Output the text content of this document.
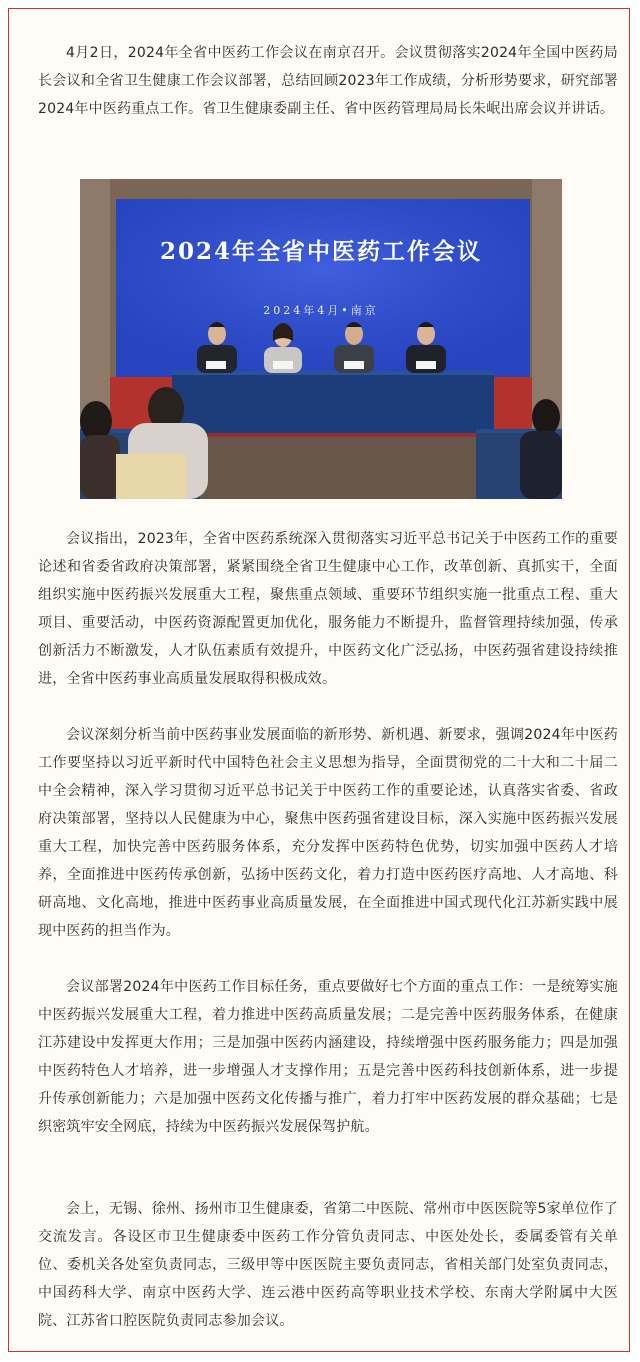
4月2日，2024年全省中医药工作会议在南京召开。会议贯彻落实2024年全国中医药局长会议和全省卫生健康工作会议部署，总结回顾2023年工作成绩，分析形势要求，研究部署2024年中医药重点工作。省卫生健康委副主任、省中医药管理局局长朱岷出席会议并讲话。

2024年全省中医药工作会议
2024年4月•南京

会议指出，2023年，全省中医药系统深入贯彻落实习近平总书记关于中医药工作的重要论述和省委省政府决策部署，紧紧围绕全省卫生健康中心工作，改革创新、真抓实干，全面组织实施中医药振兴发展重大工程，聚焦重点领域、重要环节组织实施一批重点工程、重大项目、重要活动，中医药资源配置更加优化，服务能力不断提升，监督管理持续加强，传承创新活力不断激发，人才队伍素质有效提升，中医药文化广泛弘扬，中医药强省建设持续推进，全省中医药事业高质量发展取得积极成效。

会议深刻分析当前中医药事业发展面临的新形势、新机遇、新要求，强调2024年中医药工作要坚持以习近平新时代中国特色社会主义思想为指导，全面贯彻党的二十大和二十届二中全会精神，深入学习贯彻习近平总书记关于中医药工作的重要论述，认真落实省委、省政府决策部署，坚持以人民健康为中心，聚焦中医药强省建设目标，深入实施中医药振兴发展重大工程，加快完善中医药服务体系，充分发挥中医药特色优势，切实加强中医药人才培养，全面推进中医药传承创新，弘扬中医药文化，着力打造中医药医疗高地、人才高地、科研高地、文化高地，推进中医药事业高质量发展，在全面推进中国式现代化江苏新实践中展现中医药的担当作为。

会议部署2024年中医药工作目标任务，重点要做好七个方面的重点工作：一是统筹实施中医药振兴发展重大工程，着力推进中医药高质量发展；二是完善中医药服务体系，在健康江苏建设中发挥更大作用；三是加强中医药内涵建设，持续增强中医药服务能力；四是加强中医药特色人才培养，进一步增强人才支撑作用；五是完善中医药科技创新体系，进一步提升传承创新能力；六是加强中医药文化传播与推广，着力打牢中医药发展的群众基础；七是织密筑牢安全网底，持续为中医药振兴发展保驾护航。

会上，无锡、徐州、扬州市卫生健康委，省第二中医院、常州市中医医院等5家单位作了交流发言。各设区市卫生健康委中医药工作分管负责同志、中医处处长，委属委管有关单位、委机关各处室负责同志，三级甲等中医医院主要负责同志，省相关部门处室负责同志，中国药科大学、南京中医药大学、连云港中医药高等职业技术学校、东南大学附属中大医院、江苏省口腔医院负责同志参加会议。
